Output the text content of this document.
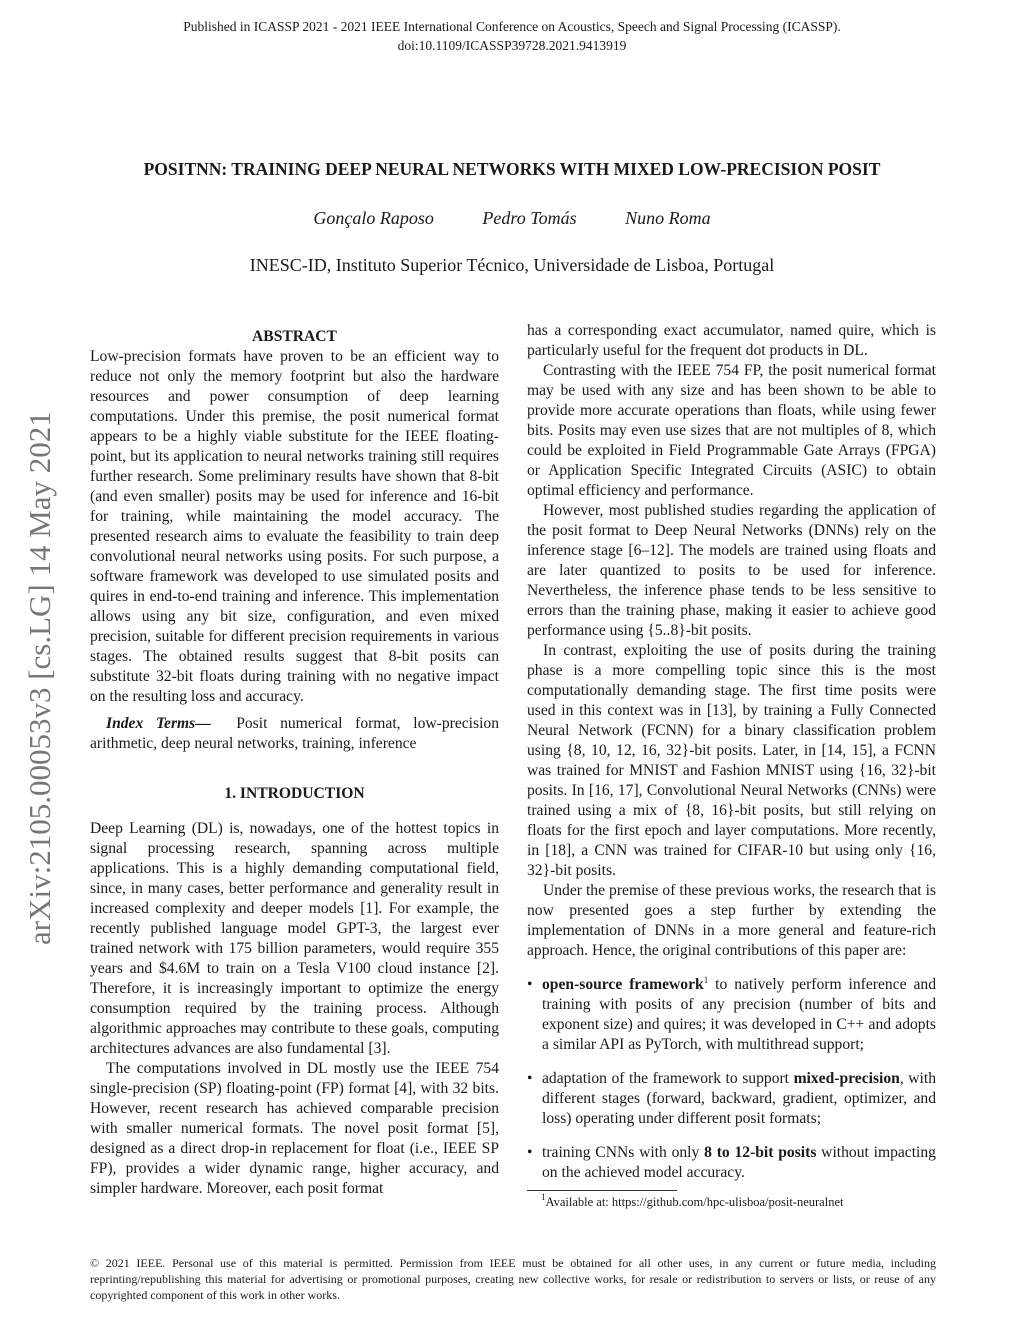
Published in ICASSP 2021 - 2021 IEEE International Conference on Acoustics, Speech and Signal Processing (ICASSP).
doi:10.1109/ICASSP39728.2021.9413919
arXiv:2105.00053v3 [cs.LG] 14 May 2021
POSITNN: TRAINING DEEP NEURAL NETWORKS WITH MIXED LOW-PRECISION POSIT
Gonçalo Raposo	Pedro Tomás	Nuno Roma
INESC-ID, Instituto Superior Técnico, Universidade de Lisboa, Portugal
ABSTRACT

Low-precision formats have proven to be an efficient way to reduce not only the memory footprint but also the hardware resources and power consumption of deep learning computations. Under this premise, the posit numerical format appears to be a highly viable substitute for the IEEE floating-point, but its application to neural networks training still requires further research. Some preliminary results have shown that 8-bit (and even smaller) posits may be used for inference and 16-bit for training, while maintaining the model accuracy. The presented research aims to evaluate the feasibility to train deep convolutional neural networks using posits. For such purpose, a software framework was developed to use simulated posits and quires in end-to-end training and inference. This implementation allows using any bit size, configuration, and even mixed precision, suitable for different precision requirements in various stages. The obtained results suggest that 8-bit posits can substitute 32-bit floats during training with no negative impact on the resulting loss and accuracy.

Index Terms— Posit numerical format, low-precision arithmetic, deep neural networks, training, inference

1. INTRODUCTION

Deep Learning (DL) is, nowadays, one of the hottest topics in signal processing research, spanning across multiple applications. This is a highly demanding computational field, since, in many cases, better performance and generality result in increased complexity and deeper models [1]. For example, the recently published language model GPT-3, the largest ever trained network with 175 billion parameters, would require 355 years and $4.6M to train on a Tesla V100 cloud instance [2]. Therefore, it is increasingly important to optimize the energy consumption required by the training process. Although algorithmic approaches may contribute to these goals, computing architectures advances are also fundamental [3].

The computations involved in DL mostly use the IEEE 754 single-precision (SP) floating-point (FP) format [4], with 32 bits. However, recent research has achieved comparable precision with smaller numerical formats. The novel posit format [5], designed as a direct drop-in replacement for float (i.e., IEEE SP FP), provides a wider dynamic range, higher accuracy, and simpler hardware. Moreover, each posit format

has a corresponding exact accumulator, named quire, which is particularly useful for the frequent dot products in DL.

Contrasting with the IEEE 754 FP, the posit numerical format may be used with any size and has been shown to be able to provide more accurate operations than floats, while using fewer bits. Posits may even use sizes that are not multiples of 8, which could be exploited in Field Programmable Gate Arrays (FPGA) or Application Specific Integrated Circuits (ASIC) to obtain optimal efficiency and performance.

However, most published studies regarding the application of the posit format to Deep Neural Networks (DNNs) rely on the inference stage [6–12]. The models are trained using floats and are later quantized to posits to be used for inference. Nevertheless, the inference phase tends to be less sensitive to errors than the training phase, making it easier to achieve good performance using {5..8}-bit posits.

In contrast, exploiting the use of posits during the training phase is a more compelling topic since this is the most computationally demanding stage. The first time posits were used in this context was in [13], by training a Fully Connected Neural Network (FCNN) for a binary classification problem using {8, 10, 12, 16, 32}-bit posits. Later, in [14, 15], a FCNN was trained for MNIST and Fashion MNIST using {16, 32}-bit posits. In [16, 17], Convolutional Neural Networks (CNNs) were trained using a mix of {8, 16}-bit posits, but still relying on floats for the first epoch and layer computations. More recently, in [18], a CNN was trained for CIFAR-10 but using only {16, 32}-bit posits.

Under the premise of these previous works, the research that is now presented goes a step further by extending the implementation of DNNs in a more general and feature-rich approach. Hence, the original contributions of this paper are:

• open-source framework$^1$ to natively perform inference and training with posits of any precision (number of bits and exponent size) and quires; it was developed in C++ and adopts a similar API as PyTorch, with multithread support;
• adaptation of the framework to support mixed-precision, with different stages (forward, backward, gradient, optimizer, and loss) operating under different posit formats;
• training CNNs with only 8 to 12-bit posits without impacting on the achieved model accuracy.
$^1$Available at: https://github.com/hpc-ulisboa/posit-neuralnet
© 2021 IEEE. Personal use of this material is permitted. Permission from IEEE must be obtained for all other uses, in any current or future media, including reprinting/republishing this material for advertising or promotional purposes, creating new collective works, for resale or redistribution to servers or lists, or reuse of any copyrighted component of this work in other works.
